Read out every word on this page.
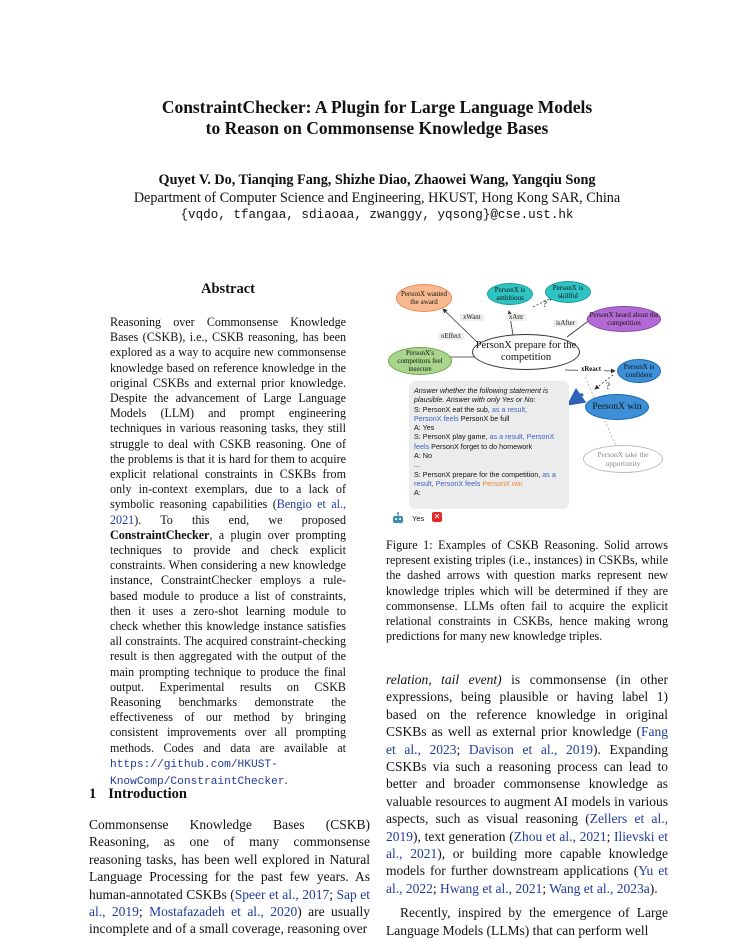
ConstraintChecker: A Plugin for Large Language Models
to Reason on Commonsense Knowledge Bases
Quyet V. Do, Tianqing Fang, Shizhe Diao, Zhaowei Wang, Yangqiu Song
Department of Computer Science and Engineering, HKUST, Hong Kong SAR, China
{vqdo, tfangaa, sdiaoaa, zwanggy, yqsong}@cse.ust.hk
Abstract
Reasoning over Commonsense Knowledge Bases (CSKB), i.e., CSKB reasoning, has been explored as a way to acquire new commonsense knowledge based on reference knowledge in the original CSKBs and external prior knowledge. Despite the advancement of Large Language Models (LLM) and prompt engineering techniques in various reasoning tasks, they still struggle to deal with CSKB reasoning. One of the problems is that it is hard for them to acquire explicit relational constraints in CSKBs from only in-context exemplars, due to a lack of symbolic reasoning capabilities (Bengio et al., 2021). To this end, we proposed ConstraintChecker, a plugin over prompting techniques to provide and check explicit constraints. When considering a new knowledge instance, ConstraintChecker employs a rule-based module to produce a list of constraints, then it uses a zero-shot learning module to check whether this knowledge instance satisfies all constraints. The acquired constraint-checking result is then aggregated with the output of the main prompting technique to produce the final output. Experimental results on CSKB Reasoning benchmarks demonstrate the effectiveness of our method by bringing consistent improvements over all prompting methods. Codes and data are available at https://github.com/HKUST-KnowComp/ConstraintChecker.
1 Introduction
Commonsense Knowledge Bases (CSKB) Reasoning, as one of many commonsense reasoning tasks, has been well explored in Natural Language Processing for the past few years. As human-annotated CSKBs (Speer et al., 2017; Sap et al., 2019; Mostafazadeh et al., 2020) are usually incomplete and of a small coverage, reasoning over
PersonX wanted the award
PersonX is ambitious
PersonX is skillful
PersonX heard about the competition
PersonX prepare for the competition
PersonX's competitors feel insecure	PersonX is confident
PersonX win
PersonX take the opportunity
xWant	xAttr
isAfter
oEffect
xReact
?
?
Answer whether the following statement is plausible. Answer with only Yes or No:
S: PersonX eat the sub, as a result,
PersonX feels PersonX be full
A: Yes
S: PersonX play game, as a result, PersonX feels PersonX forget to do homework
A: No
...
S: PersonX prepare for the competition, as a result, PersonX feels PersonX win
A:
Yes ✕
Figure 1: Examples of CSKB Reasoning. Solid arrows represent existing triples (i.e., instances) in CSKBs, while the dashed arrows with question marks represent new knowledge triples which will be determined if they are commonsense. LLMs often fail to acquire the explicit relational constraints in CSKBs, hence making wrong predictions for many new knowledge triples.

relation, tail event) is commonsense (in other expressions, being plausible or having label 1) based on the reference knowledge in original CSKBs as well as external prior knowledge (Fang et al., 2023; Davison et al., 2019). Expanding CSKBs via such a reasoning process can lead to better and broader commonsense knowledge as valuable resources to augment AI models in various aspects, such as visual reasoning (Zellers et al., 2019), text generation (Zhou et al., 2021; Ilievski et al., 2021), or building more capable knowledge models for further downstream applications (Yu et al., 2022; Hwang et al., 2021; Wang et al., 2023a).

Recently, inspired by the emergence of Large Language Models (LLMs) that can perform well
